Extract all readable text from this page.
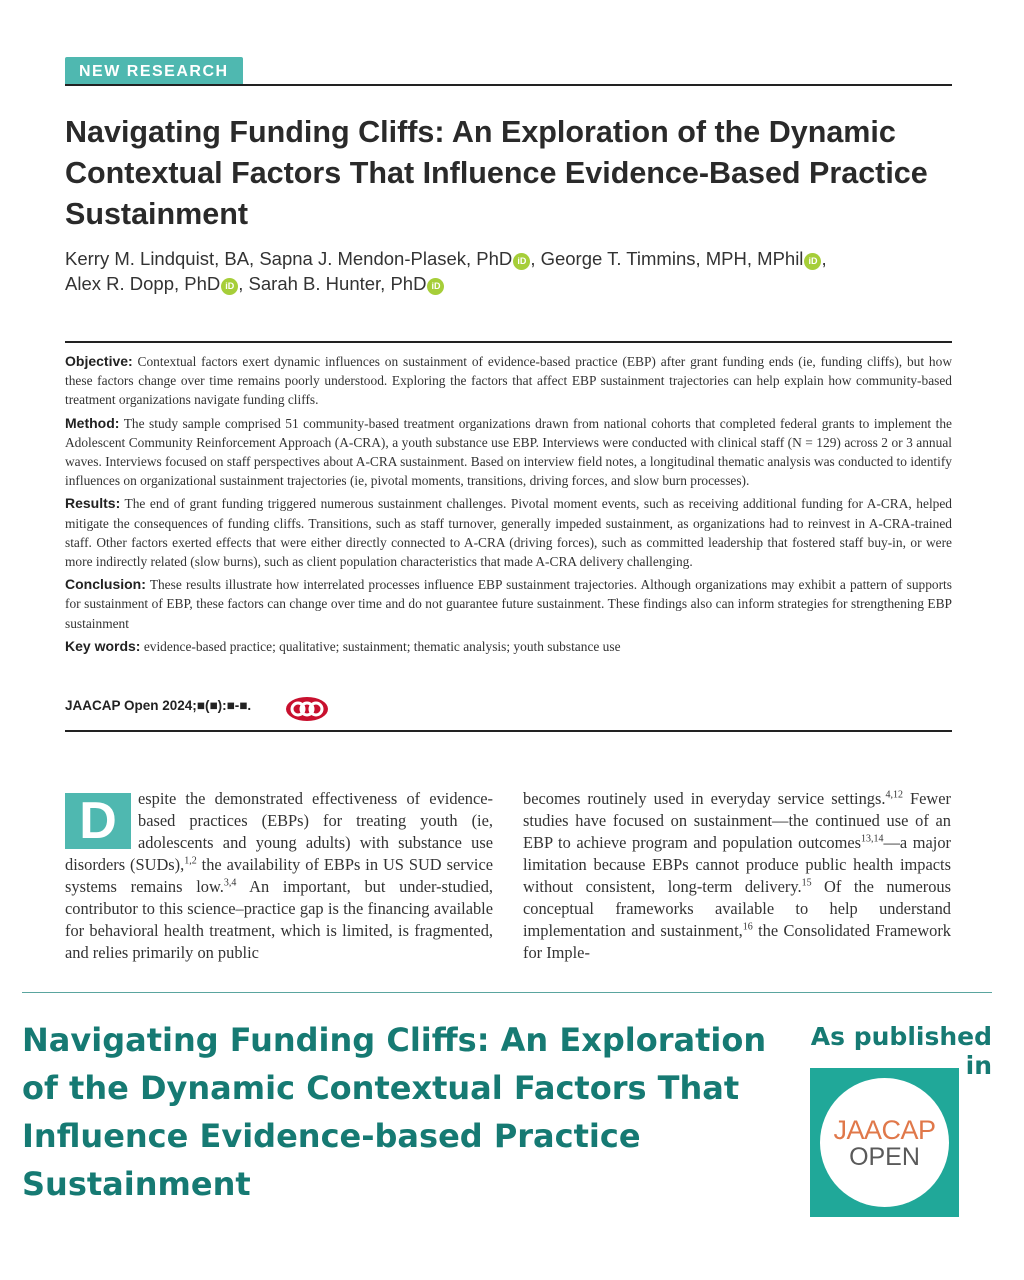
NEW RESEARCH
Navigating Funding Cliffs: An Exploration of the Dynamic Contextual Factors That Influence Evidence-Based Practice Sustainment
Kerry M. Lindquist, BA, Sapna J. Mendon-Plasek, PhD iD , George T. Timmins, MPH, MPhil iD ,
Alex R. Dopp, PhD iD , Sarah B. Hunter, PhD iD

Objective: Contextual factors exert dynamic influences on sustainment of evidence-based practice (EBP) after grant funding ends (ie, funding cliffs), but how these factors change over time remains poorly understood. Exploring the factors that affect EBP sustainment trajectories can help explain how community-based treatment organizations navigate funding cliffs.

Method: The study sample comprised 51 community-based treatment organizations drawn from national cohorts that completed federal grants to implement the Adolescent Community Reinforcement Approach (A-CRA), a youth substance use EBP. Interviews were conducted with clinical staff (N = 129) across 2 or 3 annual waves. Interviews focused on staff perspectives about A-CRA sustainment. Based on interview field notes, a longitudinal thematic analysis was conducted to identify influences on organizational sustainment trajectories (ie, pivotal moments, transitions, driving forces, and slow burn processes).

Results: The end of grant funding triggered numerous sustainment challenges. Pivotal moment events, such as receiving additional funding for A-CRA, helped mitigate the consequences of funding cliffs. Transitions, such as staff turnover, generally impeded sustainment, as organizations had to reinvest in A-CRA-trained staff. Other factors exerted effects that were either directly connected to A-CRA (driving forces), such as committed leadership that fostered staff buy-in, or were more indirectly related (slow burns), such as client population characteristics that made A-CRA delivery challenging.

Conclusion: These results illustrate how interrelated processes influence EBP sustainment trajectories. Although organizations may exhibit a pattern of supports for sustainment of EBP, these factors can change over time and do not guarantee future sustainment. These findings also can inform strategies for strengthening EBP sustainment

Key words: evidence-based practice; qualitative; sustainment; thematic analysis; youth substance use

JAACAP Open 2024;■(■):■-■.

D	espite the demonstrated effectiveness of evidence-based practices (EBPs) for treating youth (ie, adolescents and young adults) with substance use disorders (SUDs),$^{1,2}$ the availability of EBPs in US SUD service systems remains low.$^{3,4}$ An important, but under-studied, contributor to this science–practice gap is the financing available for behavioral health treatment, which is limited, is fragmented, and relies primarily on public

becomes routinely used in everyday service settings.$^{4,12}$ Fewer studies have focused on sustainment—the continued use of an EBP to achieve program and population outcomes$^{13,14}$—a major limitation because EBPs cannot produce public health impacts without consistent, long-term delivery.$^{15}$ Of the numerous conceptual frameworks available to help understand implementation and sustainment,$^{16}$ the Consolidated Framework for Imple-

Navigating Funding Cliffs: An Exploration of the Dynamic Contextual Factors That Influence Evidence-based Practice Sustainment
As published in
JAACAP
OPEN
